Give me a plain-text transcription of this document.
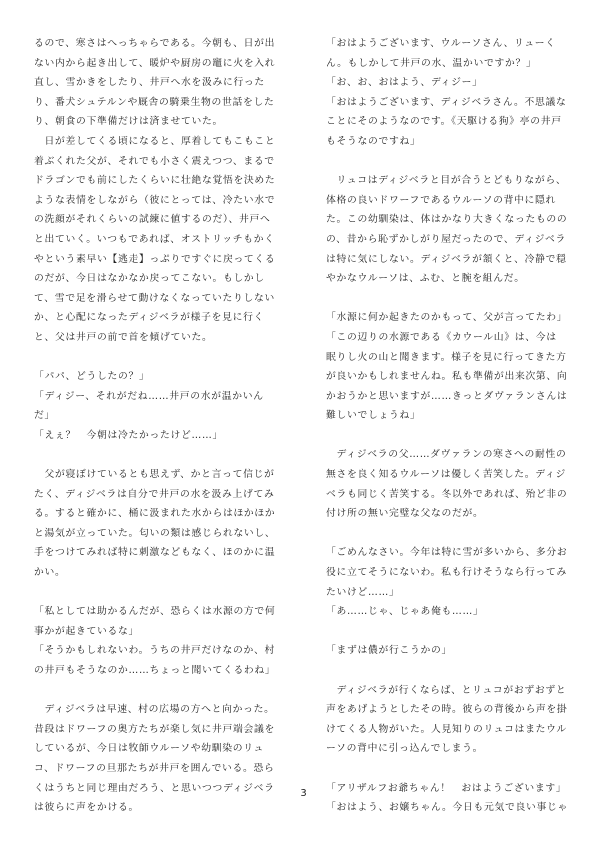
るので、寒さはへっちゃらである。今朝も、日が出
ない内から起き出して、暖炉や厨房の竈に火を入れ
直し、雪かきをしたり、井戸へ水を汲みに行った
り、番犬シュテルンや厩舎の騎乗生物の世話をした
り、朝食の下準備だけは済ませていた。
　日が差してくる頃になると、厚着してもこもこと
着ぶくれた父が、それでも小さく震えつつ、まるで
ドラゴンでも前にしたくらいに壮絶な覚悟を決めた
ような表情をしながら（彼にとっては、冷たい水で
の洗顔がそれくらいの試練に値するのだ）、井戸へ
と出ていく。いつもであれば、オストリッチもかく
やという素早い【逃走】っぷりですぐに戻ってくる
のだが、今日はなかなか戻ってこない。もしかし
て、雪で足を滑らせて動けなくなっていたりしない
か、と心配になったディジベラが様子を見に行く
と、父は井戸の前で首を傾げていた。
「パパ、どうしたの？」
「ディジー、それがだね……井戸の水が温かいん
だ」
「えぇ？　今朝は冷たかったけど……」
　父が寝ぼけているとも思えず、かと言って信じが
たく、ディジベラは自分で井戸の水を汲み上げてみ
る。すると確かに、桶に汲まれた水からはほかほか
と湯気が立っていた。匂いの類は感じられないし、
手をつけてみれば特に刺激などもなく、ほのかに温
かい。
「私としては助かるんだが、恐らくは水源の方で何
事かが起きているな」
「そうかもしれないわ。うちの井戸だけなのか、村
の井戸もそうなのか……ちょっと聞いてくるわね」
　ディジベラは早速、村の広場の方へと向かった。
昔段はドワーフの奥方たちが楽し気に井戸端会議を
しているが、今日は牧師ウルーソや幼馴染のリュ
コ、ドワーフの旦那たちが井戸を囲んでいる。恐ら
くはうちと同じ理由だろう、と思いつつディジベラ
は彼らに声をかける。
「おはようございます、ウルーソさん、リューく
ん。もしかして井戸の水、温かいですか？」
「お、お、おはよう、ディジー」
「おはようございます、ディジベラさん。不思議な
ことにそのようなのです。《天駆ける狗》亭の井戸
もそうなのですね」
　リュコはディジベラと目が合うとどもりながら、
体格の良いドワーフであるウルーソの背中に隠れ
た。この幼馴染は、体はかなり大きくなったものの
の、昔から恥ずかしがり屋だったので、ディジベラ
は特に気にしない。ディジベラが頷くと、冷静で穏
やかなウルーソは、ふむ、と腕を組んだ。
「水源に何か起きたのかもって、父が言ってたわ」
「この辺りの水源である《カウール山》は、今は
眠りし火の山と聞きます。様子を見に行ってきた方
が良いかもしれませんね。私も準備が出来次第、向
かおうかと思いますが……きっとダヴァランさんは
難しいでしょうね」
　ディジベラの父……ダヴァランの寒さへの耐性の
無さを良く知るウルーソは優しく苦笑した。ディジ
ベラも同じく苦笑する。冬以外であれば、殆ど非の
付け所の無い完璧な父なのだが。
「ごめんなさい。今年は特に雪が多いから、多分お
役に立てそうにないわ。私も行けそうなら行ってみ
たいけど……」
「あ……じゃ、じゃあ俺も……」
「まずは儂が行こうかの」
　ディジベラが行くならば、とリュコがおずおずと
声をあげようとしたその時。彼らの背後から声を掛
けてくる人物がいた。人見知りのリュコはまたウル
ーソの背中に引っ込んでしまう。
「アリザルフお爺ちゃん！　おはようございます」
「おはよう、お嬢ちゃん。今日も元気で良い事じゃ
3
